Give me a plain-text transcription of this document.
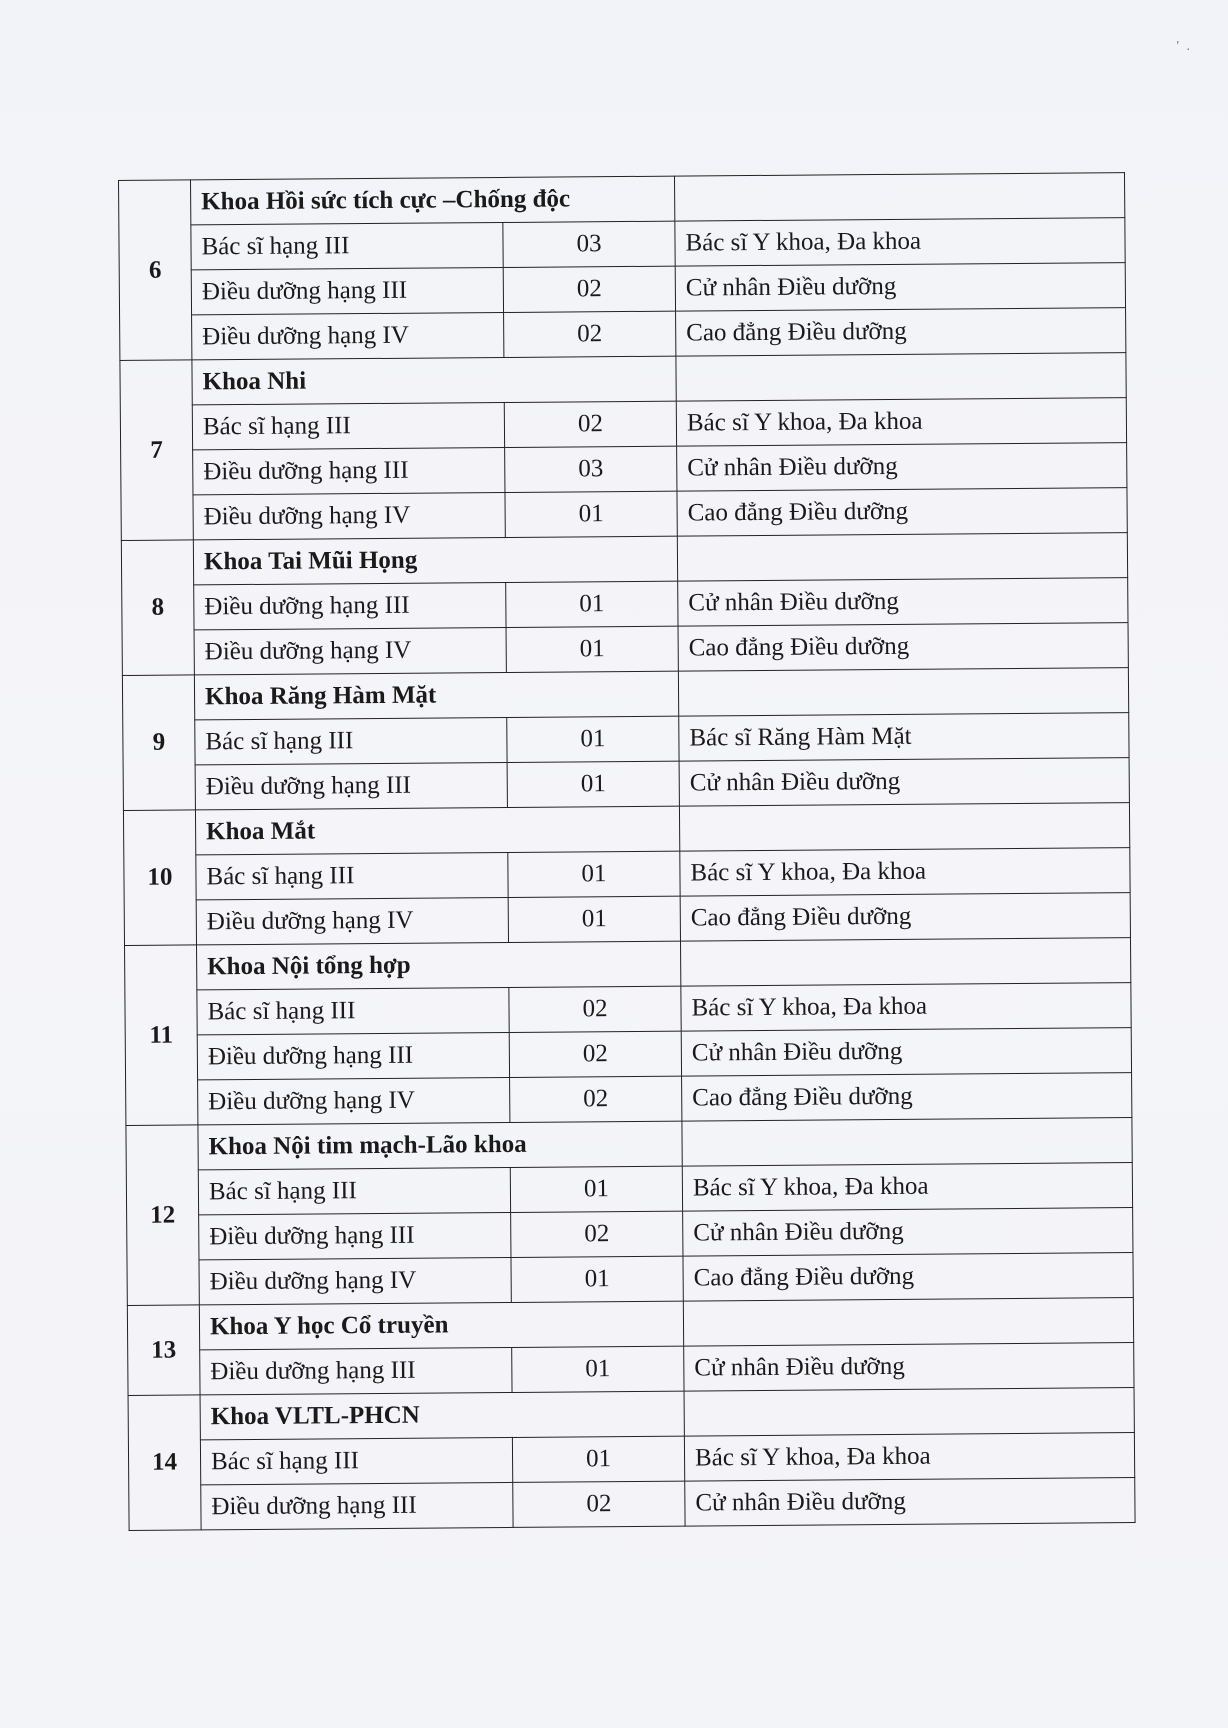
' .
6	Khoa Hồi sức tích cực –Chống độc		
	Bác sĩ hạng III	03	Bác sĩ Y khoa, Đa khoa
	Điều dưỡng hạng III	02	Cử nhân Điều dưỡng
	Điều dưỡng hạng IV	02	Cao đẳng Điều dưỡng
7	Khoa Nhi		
	Bác sĩ hạng III	02	Bác sĩ Y khoa, Đa khoa
	Điều dưỡng hạng III	03	Cử nhân Điều dưỡng
	Điều dưỡng hạng IV	01	Cao đẳng Điều dưỡng
8	Khoa Tai Mũi Họng		
	Điều dưỡng hạng III	01	Cử nhân Điều dưỡng
	Điều dưỡng hạng IV	01	Cao đẳng Điều dưỡng
9	Khoa Răng Hàm Mặt		
	Bác sĩ hạng III	01	Bác sĩ Răng Hàm Mặt
	Điều dưỡng hạng III	01	Cử nhân Điều dưỡng
10	Khoa Mắt		
	Bác sĩ hạng III	01	Bác sĩ Y khoa, Đa khoa
	Điều dưỡng hạng IV	01	Cao đẳng Điều dưỡng
11	Khoa Nội tổng hợp		
	Bác sĩ hạng III	02	Bác sĩ Y khoa, Đa khoa
	Điều dưỡng hạng III	02	Cử nhân Điều dưỡng
	Điều dưỡng hạng IV	02	Cao đẳng Điều dưỡng
12	Khoa Nội tim mạch-Lão khoa		
	Bác sĩ hạng III	01	Bác sĩ Y khoa, Đa khoa
	Điều dưỡng hạng III	02	Cử nhân Điều dưỡng
	Điều dưỡng hạng IV	01	Cao đẳng Điều dưỡng
13	Khoa Y học Cổ truyền		
	Điều dưỡng hạng III	01	Cử nhân Điều dưỡng
14	Khoa VLTL-PHCN		
	Bác sĩ hạng III	01	Bác sĩ Y khoa, Đa khoa
	Điều dưỡng hạng III	02	Cử nhân Điều dưỡng
